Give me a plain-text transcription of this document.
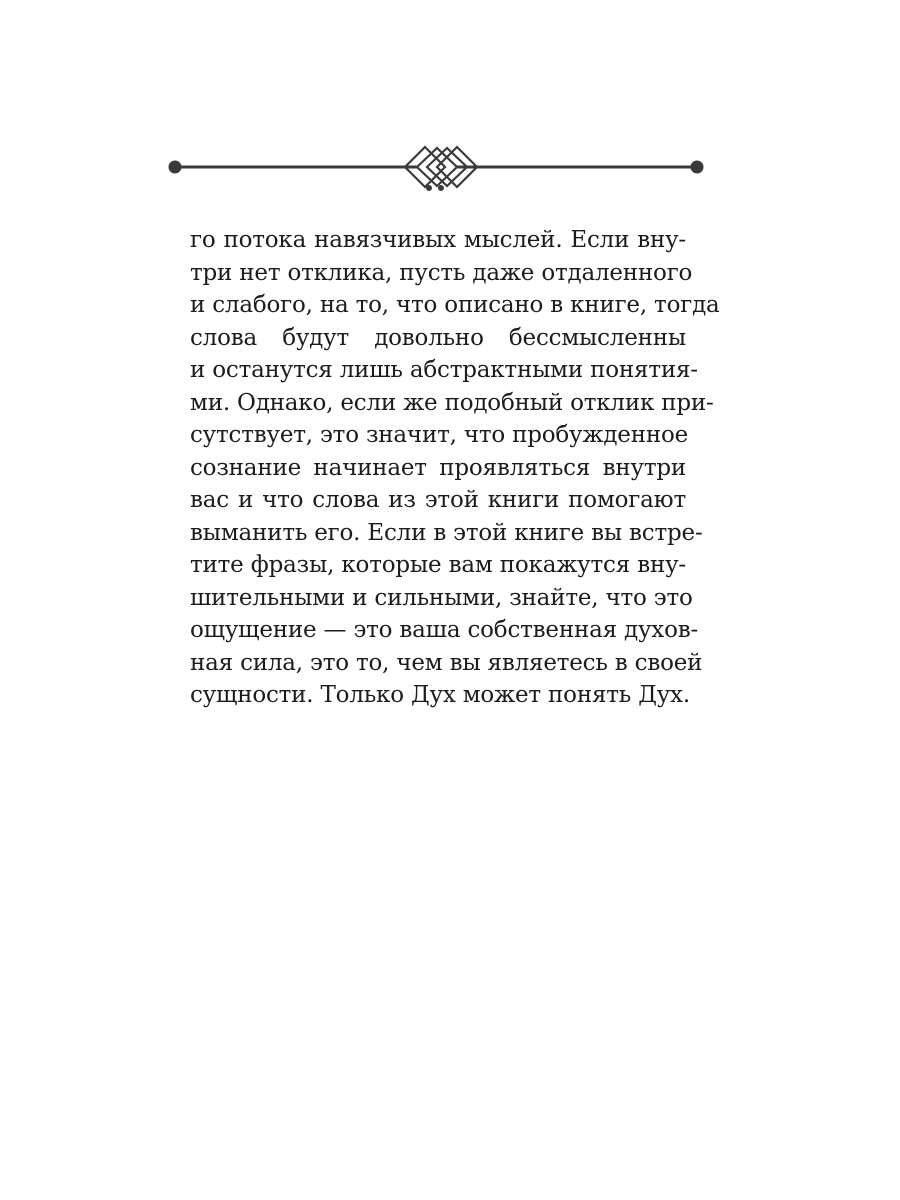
го потока навязчивых мыслей. Если вну-
три нет отклика, пусть даже отдаленного
и слабого, на то, что описано в книге, тогда
слова будут довольно бессмысленны
и останутся лишь абстрактными понятия-
ми. Однако, если же подобный отклик при-
сутствует, это значит, что пробужденное
сознание начинает проявляться внутри
вас и что слова из этой книги помогают
выманить его. Если в этой книге вы встре-
тите фразы, которые вам покажутся вну-
шительными и сильными, знайте, что это
ощущение — это ваша собственная духов-
ная сила, это то, чем вы являетесь в своей
сущности. Только Дух может понять Дух.
